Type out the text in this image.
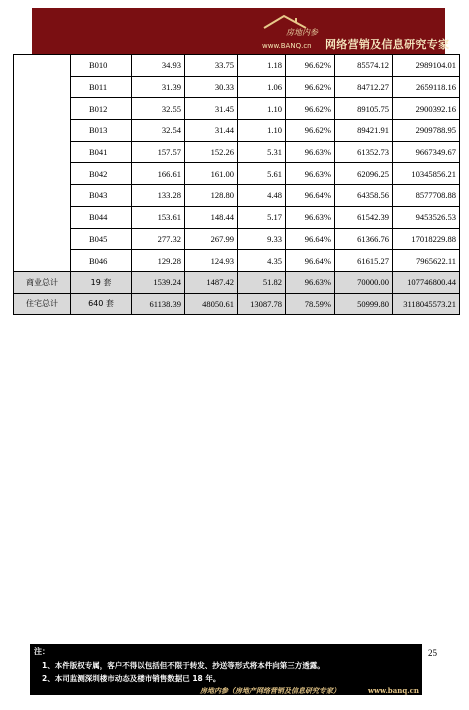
房地内参
www.BANQ.cn 网络营销及信息研究专家
	B010	34.93	33.75	1.18	96.62%	85574.12	2989104.01
	B011	31.39	30.33	1.06	96.62%	84712.27	2659118.16
	B012	32.55	31.45	1.10	96.62%	89105.75	2900392.16
	B013	32.54	31.44	1.10	96.62%	89421.91	2909788.95
	B041	157.57	152.26	5.31	96.63%	61352.73	9667349.67
	B042	166.61	161.00	5.61	96.63%	62096.25	10345856.21
	B043	133.28	128.80	4.48	96.64%	64358.56	8577708.88
	B044	153.61	148.44	5.17	96.63%	61542.39	9453526.53
	B045	277.32	267.99	9.33	96.64%	61366.76	17018229.88
	B046	129.28	124.93	4.35	96.64%	61615.27	7965622.11
商业总计	19 套	1539.24	1487.42	51.82	96.63%	70000.00	107746800.44
住宅总计	640 套	61138.39	48050.61	13087.78	78.59%	50999.80	3118045573.21
25
注：
1、本件版权专属，客户不得以包括但不限于转发、抄送等形式将本件向第三方透露。
2、本司监测深圳楼市动态及楼市销售数据已 18 年。
房地内参（房地产网络营销及信息研究专家）	www.banq.cn
